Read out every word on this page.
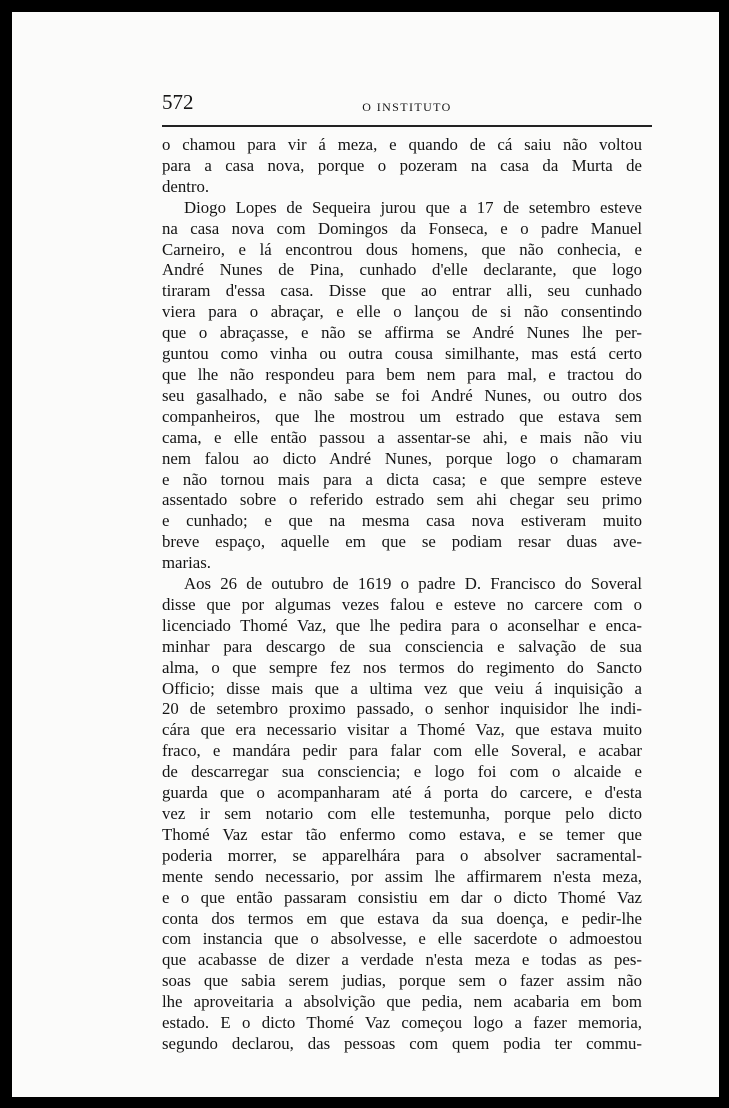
572	O INSTITUTO
o chamou para vir á meza, e quando de cá saiu não voltou
para a casa nova, porque o pozeram na casa da Murta de
dentro.
Diogo Lopes de Sequeira jurou que a 17 de setembro esteve
na casa nova com Domingos da Fonseca, e o padre Manuel
Carneiro, e lá encontrou dous homens, que não conhecia, e
André Nunes de Pina, cunhado d'elle declarante, que logo
tiraram d'essa casa. Disse que ao entrar alli, seu cunhado
viera para o abraçar, e elle o lançou de si não consentindo
que o abraçasse, e não se affirma se André Nunes lhe per-
guntou como vinha ou outra cousa similhante, mas está certo
que lhe não respondeu para bem nem para mal, e tractou do
seu gasalhado, e não sabe se foi André Nunes, ou outro dos
companheiros, que lhe mostrou um estrado que estava sem
cama, e elle então passou a assentar-se ahi, e mais não viu
nem falou ao dicto André Nunes, porque logo o chamaram
e não tornou mais para a dicta casa; e que sempre esteve
assentado sobre o referido estrado sem ahi chegar seu primo
e cunhado; e que na mesma casa nova estiveram muito
breve espaço, aquelle em que se podiam resar duas ave-
marias.
Aos 26 de outubro de 1619 o padre D. Francisco do Soveral
disse que por algumas vezes falou e esteve no carcere com o
licenciado Thomé Vaz, que lhe pedira para o aconselhar e enca-
minhar para descargo de sua consciencia e salvação de sua
alma, o que sempre fez nos termos do regimento do Sancto
Officio; disse mais que a ultima vez que veiu á inquisição a
20 de setembro proximo passado, o senhor inquisidor lhe indi-
cára que era necessario visitar a Thomé Vaz, que estava muito
fraco, e mandára pedir para falar com elle Soveral, e acabar
de descarregar sua consciencia; e logo foi com o alcaide e
guarda que o acompanharam até á porta do carcere, e d'esta
vez ir sem notario com elle testemunha, porque pelo dicto
Thomé Vaz estar tão enfermo como estava, e se temer que
poderia morrer, se apparelhára para o absolver sacramental-
mente sendo necessario, por assim lhe affirmarem n'esta meza,
e o que então passaram consistiu em dar o dicto Thomé Vaz
conta dos termos em que estava da sua doença, e pedir-lhe
com instancia que o absolvesse, e elle sacerdote o admoestou
que acabasse de dizer a verdade n'esta meza e todas as pes-
soas que sabia serem judias, porque sem o fazer assim não
lhe aproveitaria a absolvição que pedia, nem acabaria em bom
estado. E o dicto Thomé Vaz começou logo a fazer memoria,
segundo declarou, das pessoas com quem podia ter commu-
